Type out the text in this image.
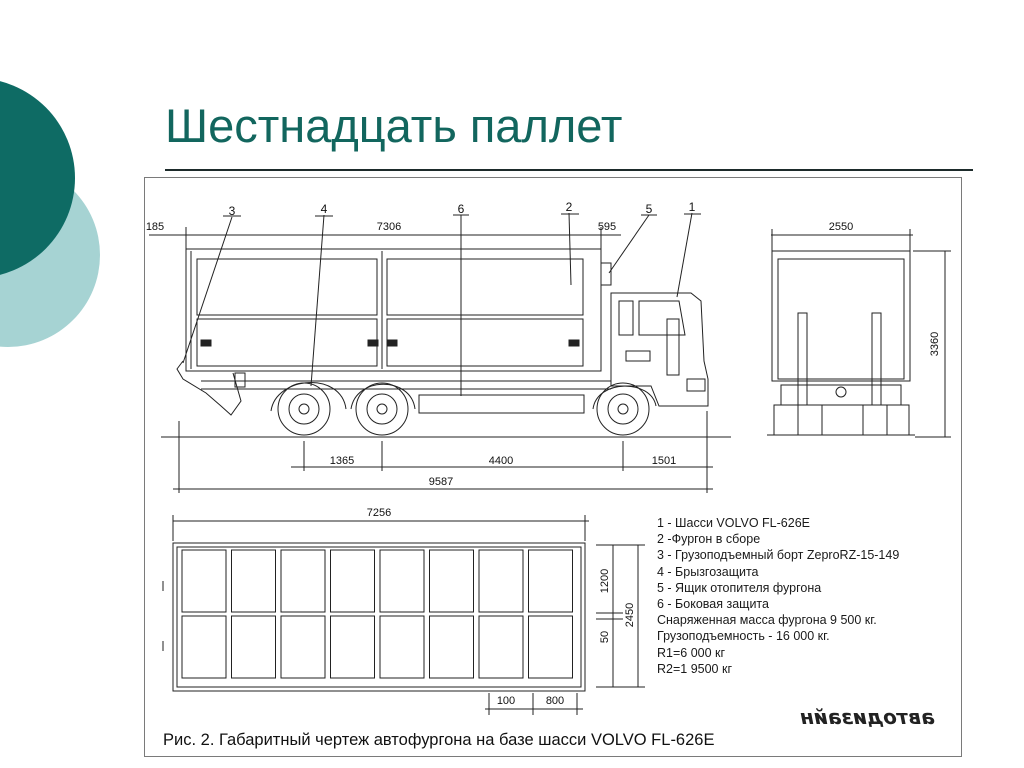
Шестнадцать паллет
3	4	6	2	5	1
185	7306	595
1365	4400	1501
9587
2550
3360
7256
1200
50
2450
100	800
1 - Шасси VOLVO FL-626E
2 -Фургон в сборе
3 - Грузоподъемный борт ZeproRZ-15-149
4 - Брызгозащита
5 - Ящик отопителя фургона
6 - Боковая защита
Снаряженная масса фургона 9 500 кг.
Грузоподъемность - 16 000 кг.
R1=6 000 кг
R2=1 9500 кг
автодизайн
Рис. 2. Габаритный чертеж автофургона на базе шасси VOLVO FL-626E
